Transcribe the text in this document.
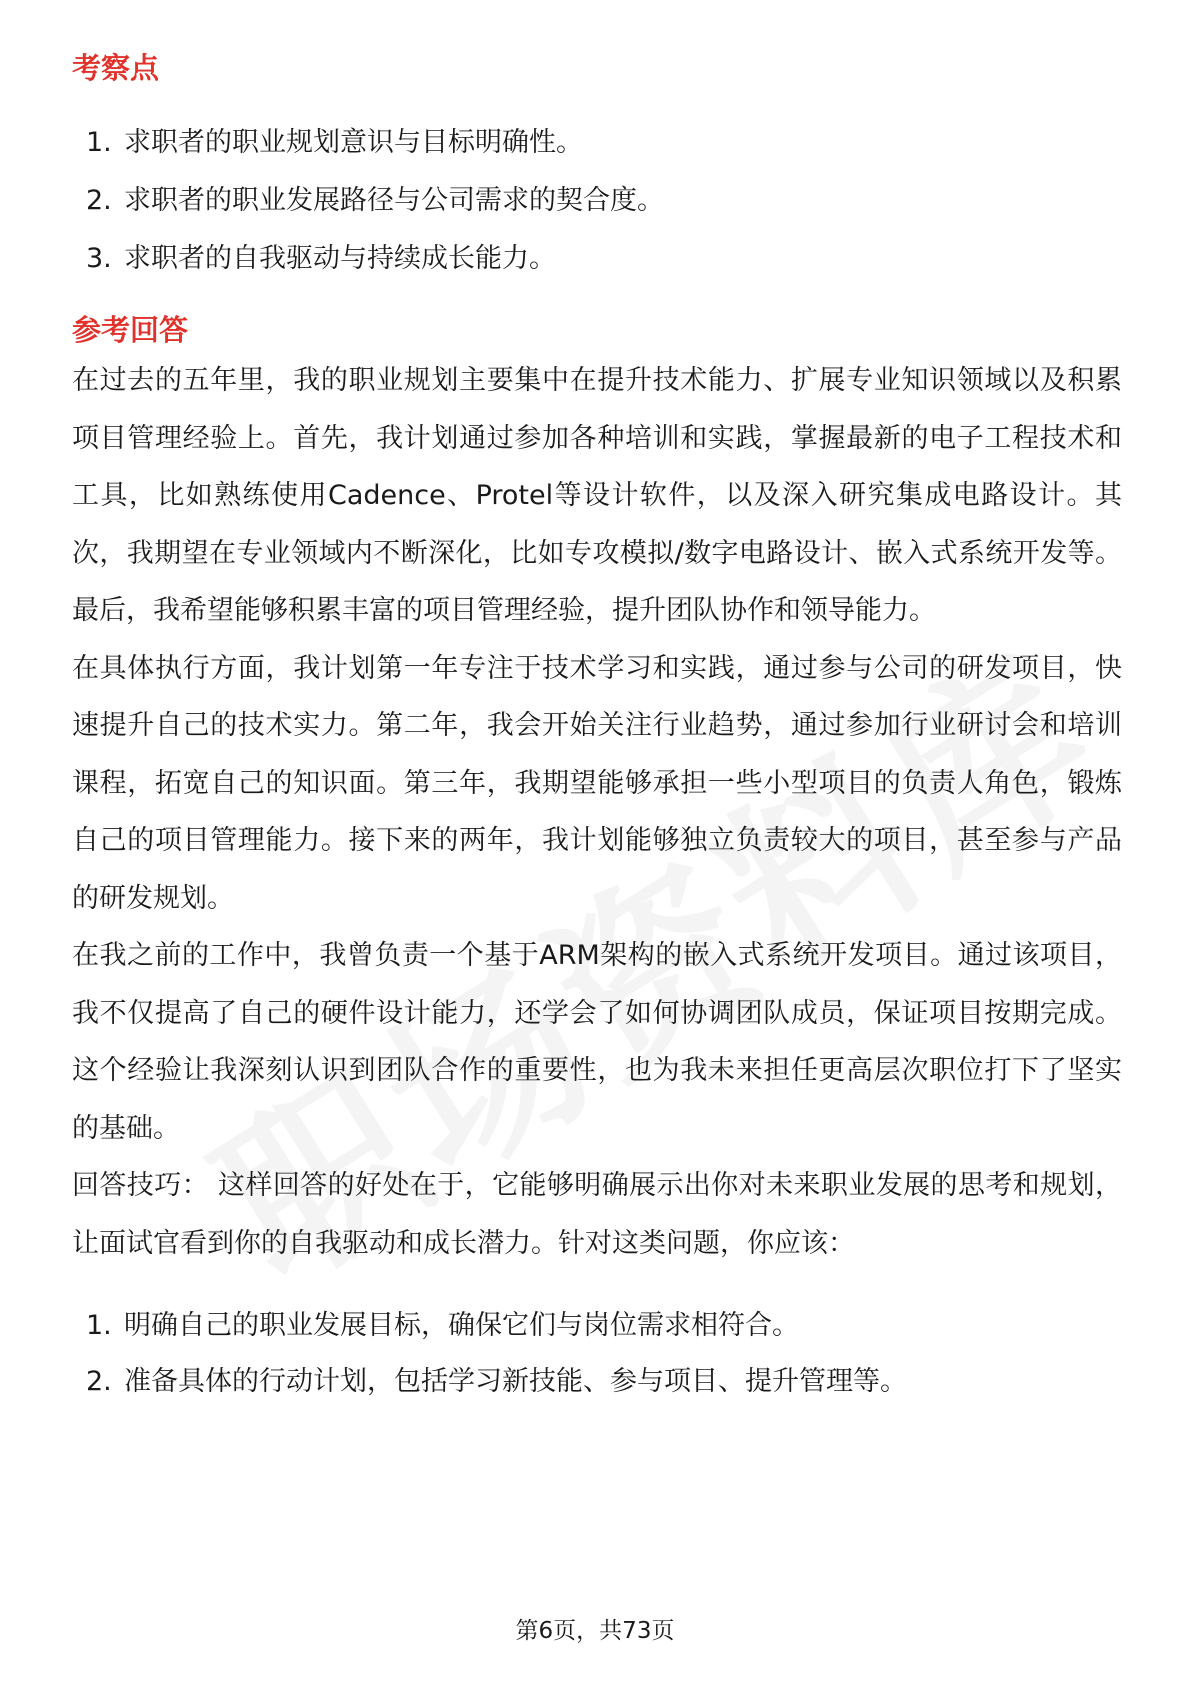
考察点
1. 求职者的职业规划意识与目标明确性。
2. 求职者的职业发展路径与公司需求的契合度。
3. 求职者的自我驱动与持续成长能力。
参考回答

在过去的五年里，我的职业规划主要集中在提升技术能力、扩展专业知识领域以及积累项目管理经验上。首先，我计划通过参加各种培训和实践，掌握最新的电子工程技术和工具，比如熟练使用Cadence、Protel等设计软件，以及深入研究集成电路设计。其次，我期望在专业领域内不断深化，比如专攻模拟/数字电路设计、嵌入式系统开发等。最后，我希望能够积累丰富的项目管理经验，提升团队协作和领导能力。

在具体执行方面，我计划第一年专注于技术学习和实践，通过参与公司的研发项目，快速提升自己的技术实力。第二年，我会开始关注行业趋势，通过参加行业研讨会和培训课程，拓宽自己的知识面。第三年，我期望能够承担一些小型项目的负责人角色，锻炼自己的项目管理能力。接下来的两年，我计划能够独立负责较大的项目，甚至参与产品的研发规划。

在我之前的工作中，我曾负责一个基于ARM架构的嵌入式系统开发项目。通过该项目，我不仅提高了自己的硬件设计能力，还学会了如何协调团队成员，保证项目按期完成。这个经验让我深刻认识到团队合作的重要性，也为我未来担任更高层次职位打下了坚实的基础。

回答技巧： 这样回答的好处在于，它能够明确展示出你对未来职业发展的思考和规划，让面试官看到你的自我驱动和成长潜力。针对这类问题，你应该：

1. 明确自己的职业发展目标，确保它们与岗位需求相符合。
2. 准备具体的行动计划，包括学习新技能、参与项目、提升管理等。
第6页，共73页
